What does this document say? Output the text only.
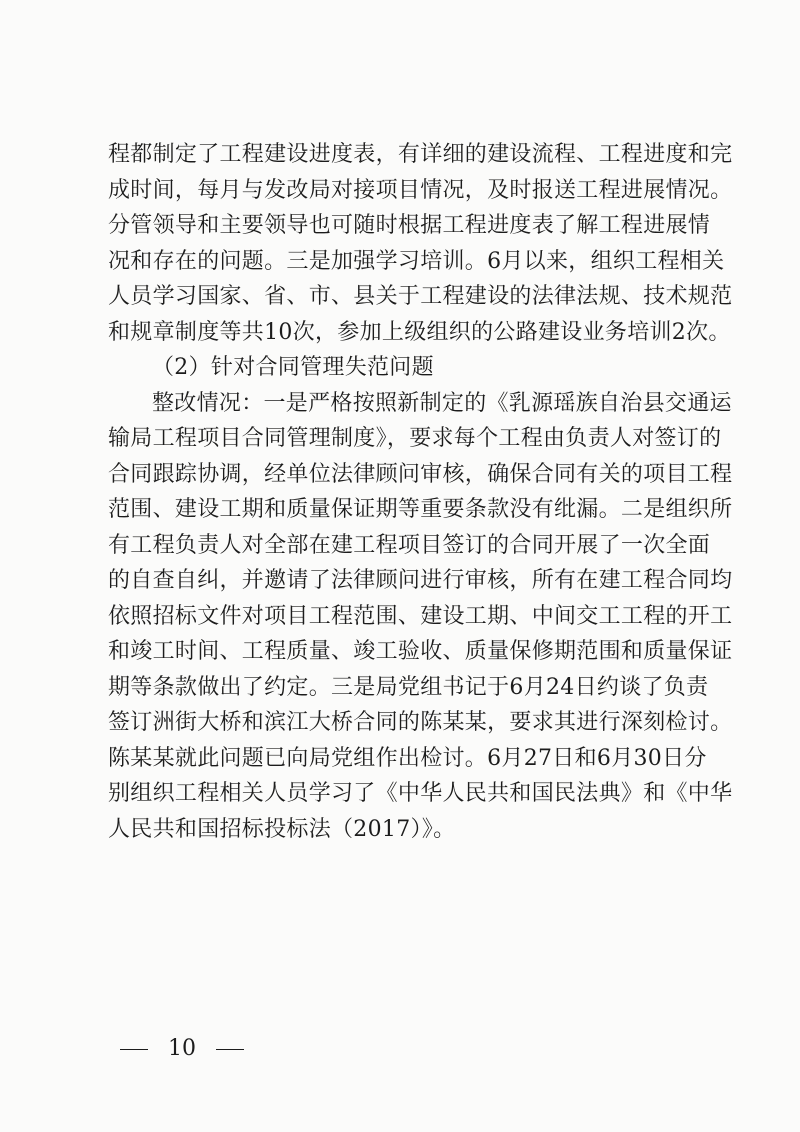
程都制定了工程建设进度表，有详细的建设流程、工程进度和完
成时间，每月与发改局对接项目情况，及时报送工程进展情况。
分管领导和主要领导也可随时根据工程进度表了解工程进展情
况和存在的问题。三是加强学习培训。6月以来，组织工程相关
人员学习国家、省、市、县关于工程建设的法律法规、技术规范
和规章制度等共10次，参加上级组织的公路建设业务培训2次。
（2）针对合同管理失范问题
整改情况：一是严格按照新制定的《乳源瑶族自治县交通运
输局工程项目合同管理制度》，要求每个工程由负责人对签订的
合同跟踪协调，经单位法律顾问审核，确保合同有关的项目工程
范围、建设工期和质量保证期等重要条款没有纰漏。二是组织所
有工程负责人对全部在建工程项目签订的合同开展了一次全面
的自查自纠，并邀请了法律顾问进行审核，所有在建工程合同均
依照招标文件对项目工程范围、建设工期、中间交工工程的开工
和竣工时间、工程质量、竣工验收、质量保修期范围和质量保证
期等条款做出了约定。三是局党组书记于6月24日约谈了负责
签订洲街大桥和滨江大桥合同的陈某某，要求其进行深刻检讨。
陈某某就此问题已向局党组作出检讨。6月27日和6月30日分
别组织工程相关人员学习了《中华人民共和国民法典》和《中华
人民共和国招标投标法（2017）》。
10
